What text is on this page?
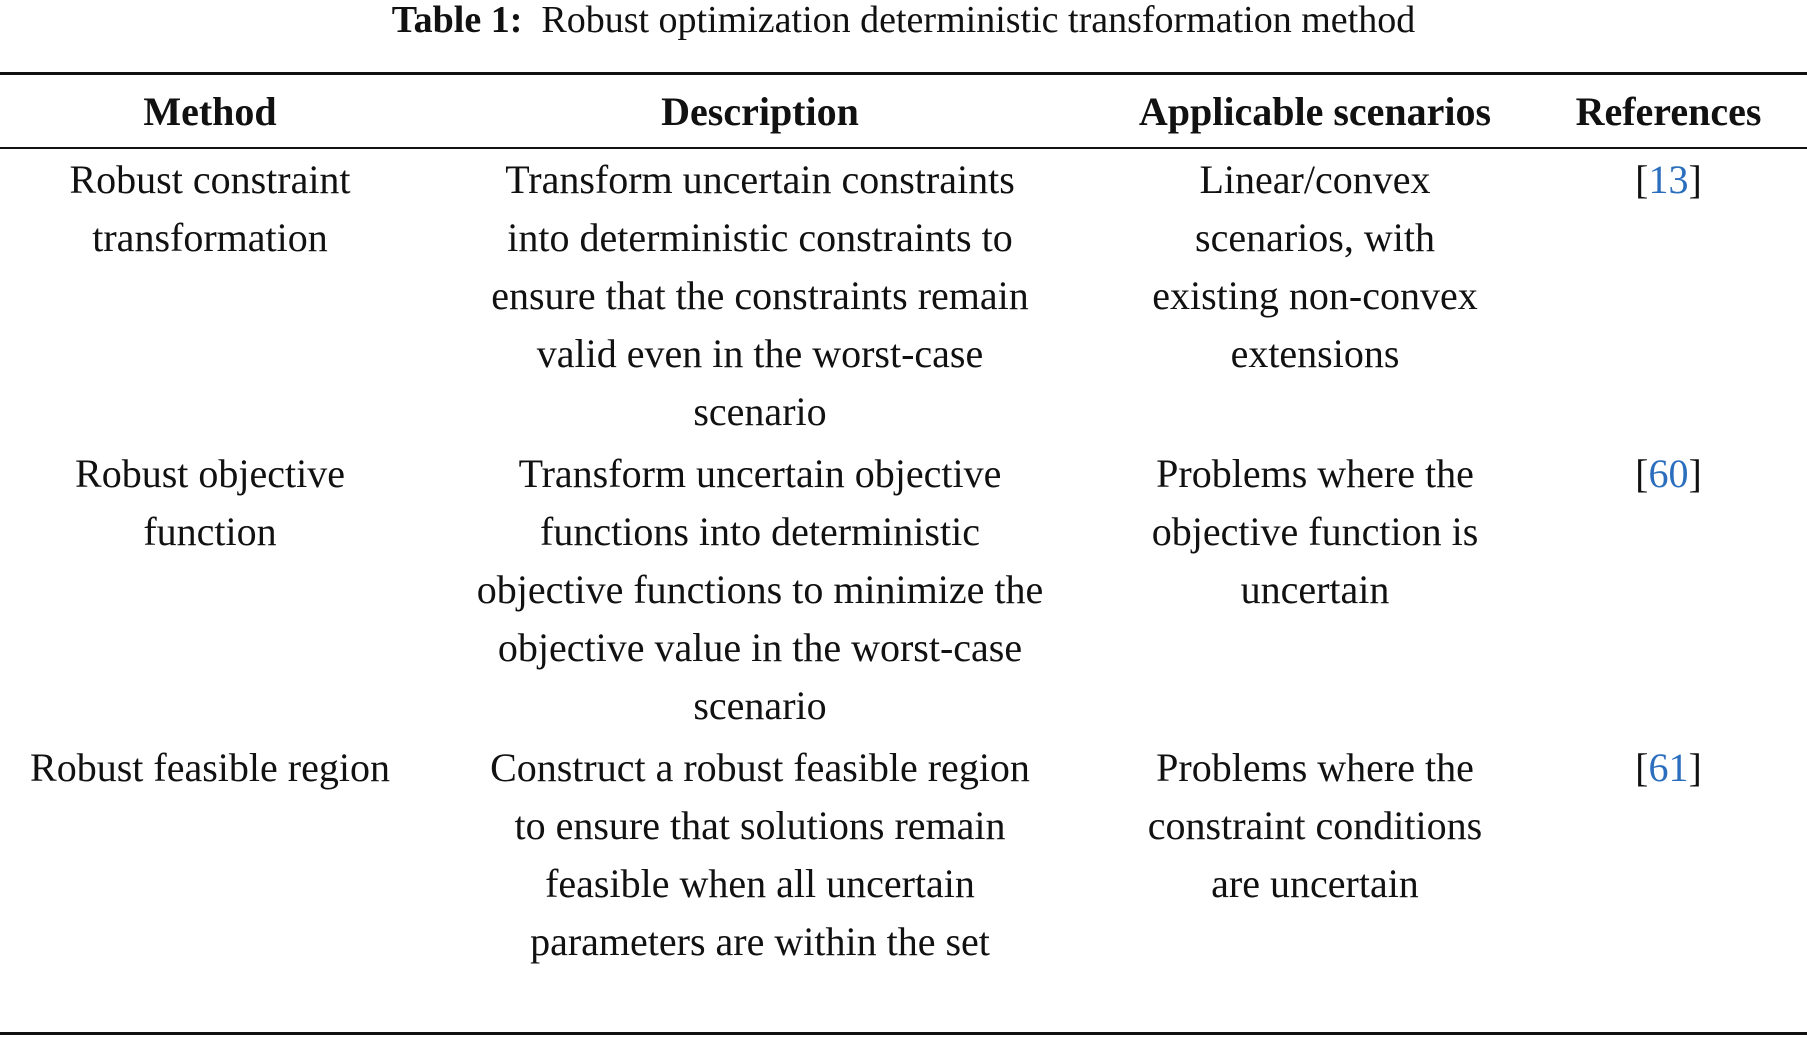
Table 1: Robust optimization deterministic transformation method
Method	Description	Applicable scenarios	References
Robust constraint transformation	Transform uncertain constraints into deterministic constraints to ensure that the constraints remain valid even in the worst-case scenario	Linear/convex scenarios, with existing non-convex extensions	[13]
Robust objective function	Transform uncertain objective functions into deterministic objective functions to minimize the objective value in the worst-case scenario	Problems where the objective function is uncertain	[60]
Robust feasible region	Construct a robust feasible region to ensure that solutions remain feasible when all uncertain parameters are within the set	Problems where the constraint conditions are uncertain	[61]
